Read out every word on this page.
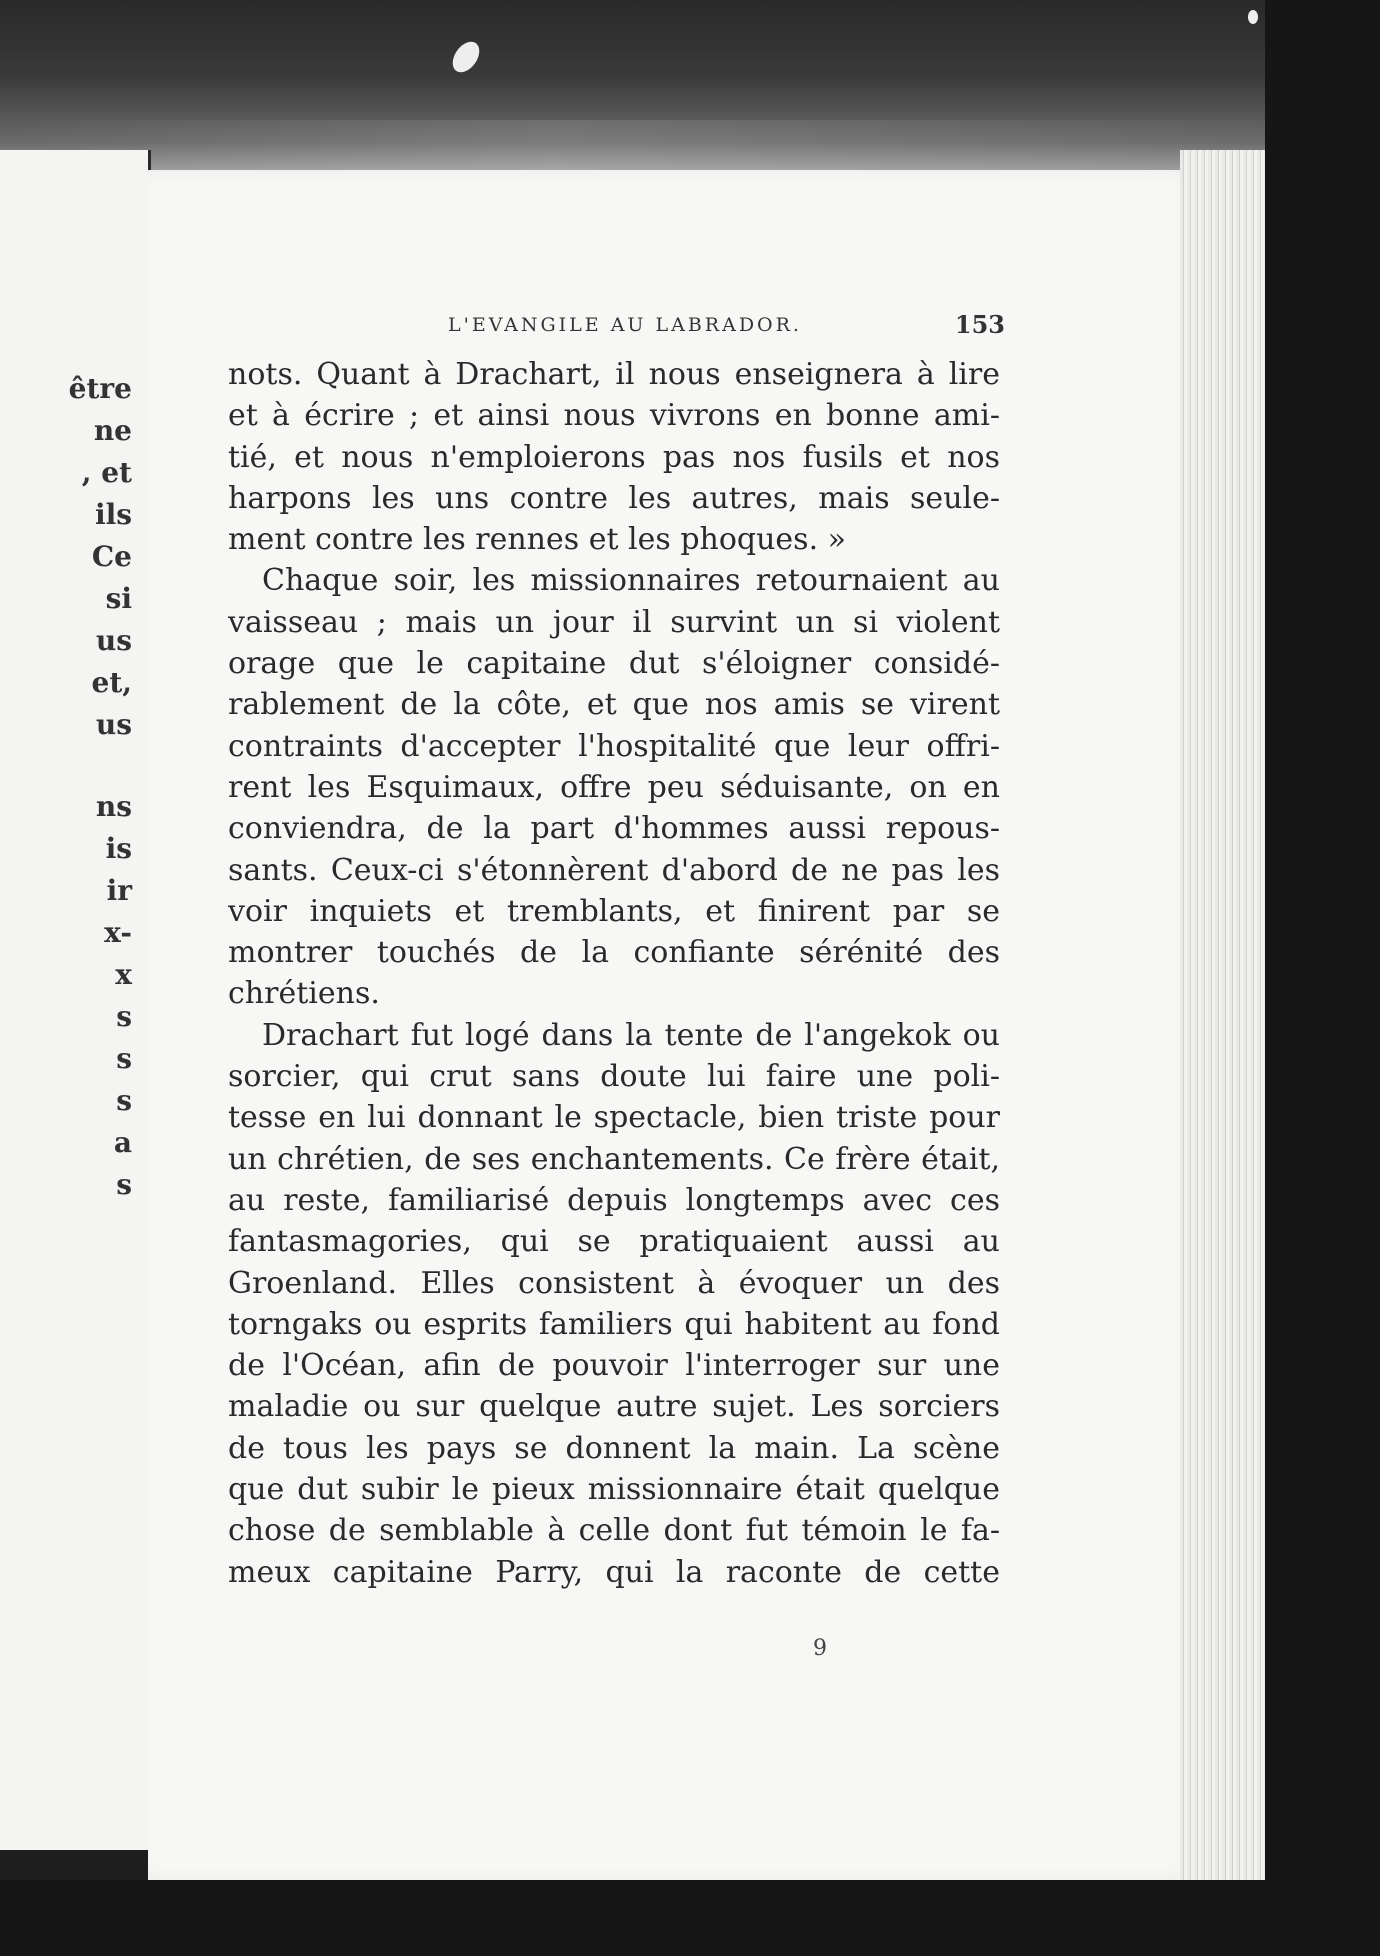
être
ne
, et
ils
Ce
si
us
et,
us
ns
is
ir
x-
x
s
s
s
a
s
L'EVANGILE AU LABRADOR.	153
nots. Quant à Drachart, il nous enseignera à lire
et à écrire ; et ainsi nous vivrons en bonne ami-
tié, et nous n'emploierons pas nos fusils et nos
harpons les uns contre les autres, mais seule-
ment contre les rennes et les phoques. »
Chaque soir, les missionnaires retournaient au
vaisseau ; mais un jour il survint un si violent
orage que le capitaine dut s'éloigner considé-
rablement de la côte, et que nos amis se virent
contraints d'accepter l'hospitalité que leur offri-
rent les Esquimaux, offre peu séduisante, on en
conviendra, de la part d'hommes aussi repous-
sants. Ceux-ci s'étonnèrent d'abord de ne pas les
voir inquiets et tremblants, et finirent par se
montrer touchés de la confiante sérénité des
chrétiens.
Drachart fut logé dans la tente de l'angekok ou
sorcier, qui crut sans doute lui faire une poli-
tesse en lui donnant le spectacle, bien triste pour
un chrétien, de ses enchantements. Ce frère était,
au reste, familiarisé depuis longtemps avec ces
fantasmagories, qui se pratiquaient aussi au
Groenland. Elles consistent à évoquer un des
torngaks ou esprits familiers qui habitent au fond
de l'Océan, afin de pouvoir l'interroger sur une
maladie ou sur quelque autre sujet. Les sorciers
de tous les pays se donnent la main. La scène
que dut subir le pieux missionnaire était quelque
chose de semblable à celle dont fut témoin le fa-
meux capitaine Parry, qui la raconte de cette
9
